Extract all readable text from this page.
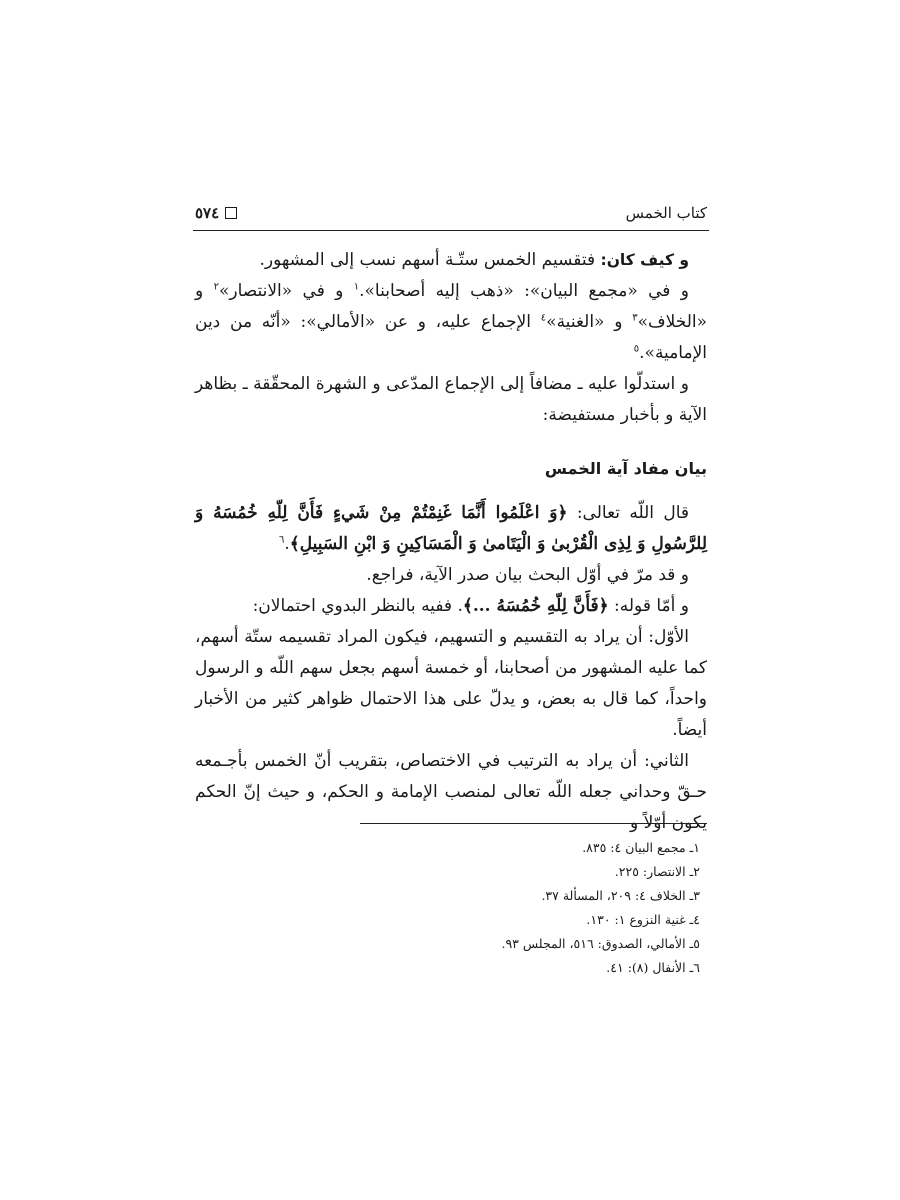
كتاب الخمس
٥٧٤

و كيف كان: فتقسيم الخمس ستّـة أسهم نسب إلى المشهور.

و في «مجمع البيان»: «ذهب إليه أصحابنا».$^١$ و في «الانتصار»$^٢$ و «الخلاف»$^٣$ و «الغنية»$^٤$ الإجماع عليه، و عن «الأمالي»: «أنّه من دين الإمامية».$^٥$

و استدلّوا عليه ـ مضافاً إلى الإجماع المدّعى و الشهرة المحقّقة ـ بظاهر الآية و بأخبار مستفيضة:

بيان مفاد آية الخمس

قال اللّه تعالى: ﴿وَ اعْلَمُوا أَنَّمَا غَنِمْتُمْ مِنْ شَيءٍ فَأَنَّ لِلّهِ خُمُسَهُ وَ لِلرَّسُولِ وَ لِذِى الْقُرْبىٰ وَ الْيَتَامىٰ وَ الْمَسَاكِينِ وَ ابْنِ السَبِيلِ﴾.$^٦$

و قد مرّ في أوّل البحث بيان صدر الآية، فراجع.

و أمّا قوله: ﴿فَأَنَّ لِلّهِ خُمُسَهُ ...﴾. ففيه بالنظر البدوي احتمالان:

الأوّل: أن يراد به التقسيم و التسهيم، فيكون المراد تقسيمه ستّة أسهم، كما عليه المشهور من أصحابنا، أو خمسة أسهم بجعل سهم اللّه و الرسول واحداً، كما قال به بعض، و يدلّ على هذا الاحتمال ظواهر كثير من الأخبار أيضاً.

الثاني: أن يراد به الترتيب في الاختصاص، بتقريب أنّ الخمس بأجـمعه حـقّ وحداني جعله اللّه تعالى لمنصب الإمامة و الحكم، و حيث إنّ الحكم يكون أوّلاً و

١ـ مجمع البيان ٤: ٨٣٥.

٢ـ الانتصار: ٢٢٥.

٣ـ الخلاف ٤: ٢٠٩، المسألة ٣٧.

٤ـ غنية النزوع ١: ١٣٠.

٥ـ الأمالي، الصدوق: ٥١٦، المجلس ٩٣.

٦ـ الأنفال (٨): ٤١.
